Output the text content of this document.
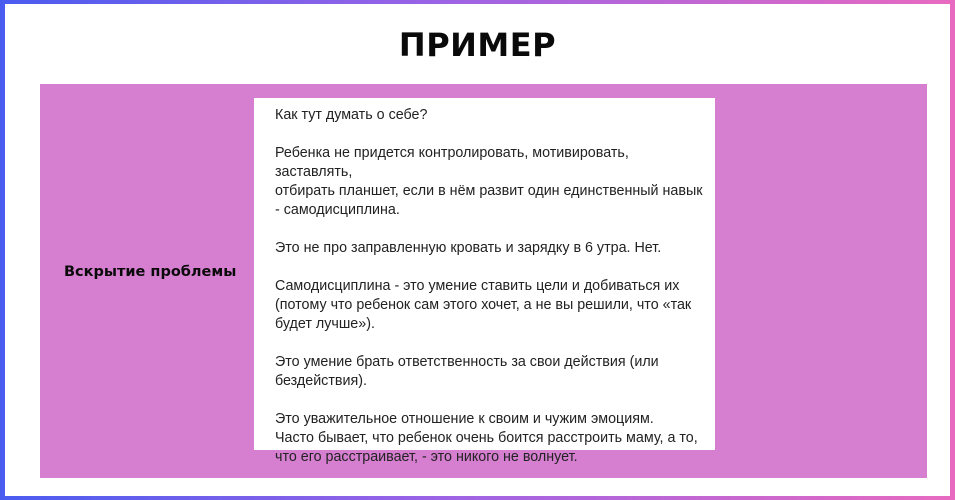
ПРИМЕР
Вскрытие проблемы

Как тут думать о себе?

Ребенка не придется контролировать, мотивировать, заставлять,
отбирать планшет, если в нём развит один единственный навык
- самодисциплина.

Это не про заправленную кровать и зарядку в 6 утра. Нет.

Самодисциплина - это умение ставить цели и добиваться их
(потому что ребенок сам этого хочет, а не вы решили, что «так
будет лучше»).

Это умение брать ответственность за свои действия (или
бездействия).

Это уважительное отношение к своим и чужим эмоциям.
Часто бывает, что ребенок очень боится расстроить маму, а то,
что его расстраивает, - это никого не волнует.
